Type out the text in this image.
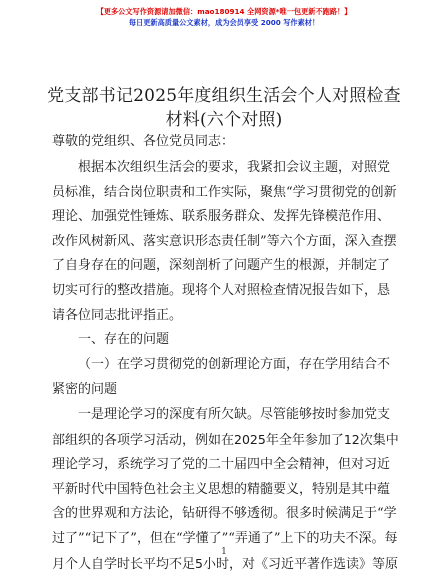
【更多公文写作资源请加微信：mao180914 全网资源*唯一包更新不跑路！】
每日更新高质量公文素材，成为会员享受 2000 写作素材！
党支部书记2025年度组织生活会个人对照检查材料(六个对照)
尊敬的党组织、各位党员同志：
根据本次组织生活会的要求，我紧扣会议主题，对照党员标准，结合岗位职责和工作实际，聚焦“学习贯彻党的创新理论、加强党性锤炼、联系服务群众、发挥先锋模范作用、改作风树新风、落实意识形态责任制”等六个方面，深入查摆了自身存在的问题，深刻剖析了问题产生的根源，并制定了切实可行的整改措施。现将个人对照检查情况报告如下，恳请各位同志批评指正。
一、存在的问题
（一）在学习贯彻党的创新理论方面，存在学用结合不紧密的问题
一是理论学习的深度有所欠缺。尽管能够按时参加党支部组织的各项学习活动，例如在2025年全年参加了12次集中理论学习，系统学习了党的二十届四中全会精神，但对习近平新时代中国特色社会主义思想的精髓要义，特别是其中蕴含的世界观和方法论，钻研得不够透彻。很多时候满足于“学过了”“记下了”，但在“学懂了”“弄通了”上下的功夫不深。每月个人自学时长平均不足5小时，对《习近平著作选读》等原
1
